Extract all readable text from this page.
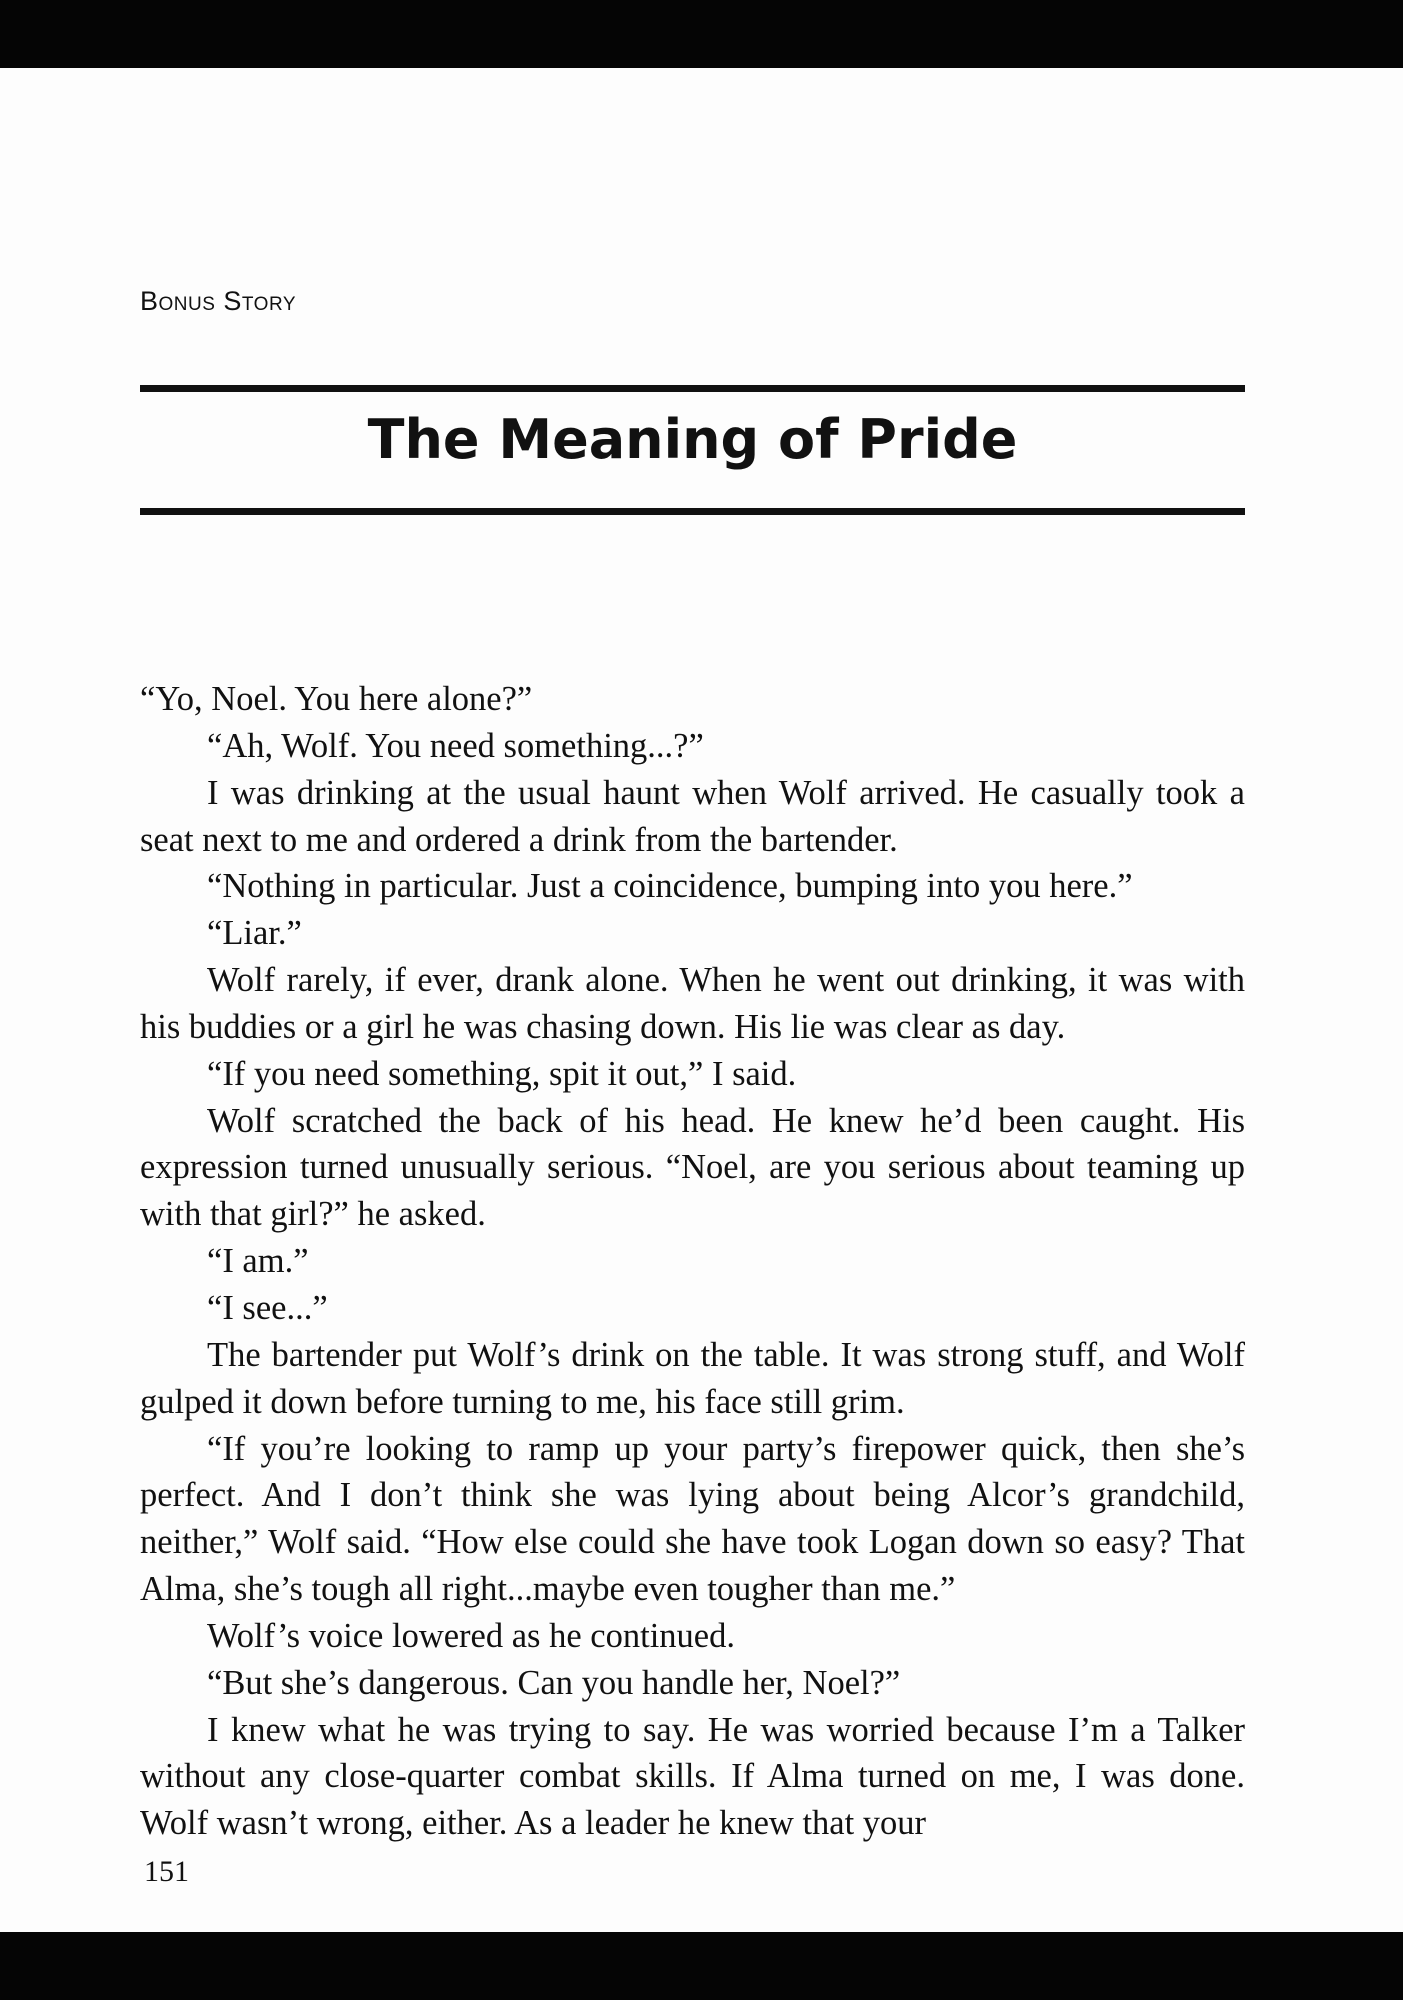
Bonus Story
The Meaning of Pride

“Yo, Noel. You here alone?”

“Ah, Wolf. You need something...?”

I was drinking at the usual haunt when Wolf arrived. He casually took a seat next to me and ordered a drink from the bartender.

“Nothing in particular. Just a coincidence, bumping into you here.”

“Liar.”

Wolf rarely, if ever, drank alone. When he went out drinking, it was with his buddies or a girl he was chasing down. His lie was clear as day.

“If you need something, spit it out,” I said.

Wolf scratched the back of his head. He knew he’d been caught. His expression turned unusually serious. “Noel, are you serious about teaming up with that girl?” he asked.

“I am.”

“I see...”

The bartender put Wolf’s drink on the table. It was strong stuff, and Wolf gulped it down before turning to me, his face still grim.

“If you’re looking to ramp up your party’s firepower quick, then she’s perfect. And I don’t think she was lying about being Alcor’s grandchild, neither,” Wolf said. “How else could she have took Logan down so easy? That Alma, she’s tough all right...maybe even tougher than me.”

Wolf’s voice lowered as he continued.

“But she’s dangerous. Can you handle her, Noel?”

I knew what he was trying to say. He was worried because I’m a Talker without any close-quarter combat skills. If Alma turned on me, I was done. Wolf wasn’t wrong, either. As a leader he knew that your

151
